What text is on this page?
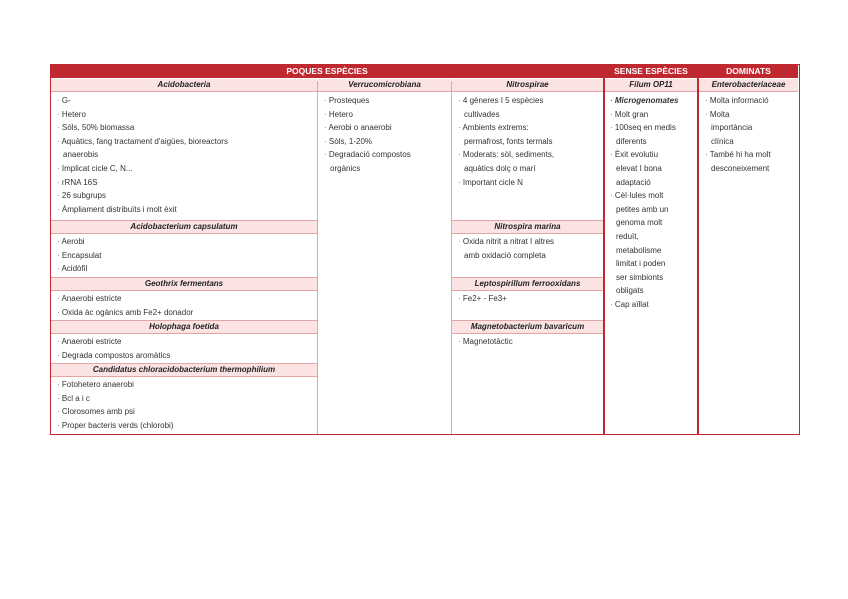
POQUES ESPÈCIES	SENSE ESPÈCIES	DOMINATS
Acidobacteria
· G-
· Hetero
· Sòls, 50% biomassa
· Aquàtics, fang tractament d'aigües, bioreactors
anaerobis
· Implicat cicle C, N...
· rRNA 16S
· 26 subgrups
· Àmpliament distribuïts i molt èxit
Acidobacterium capsulatum
· Aerobi
· Encapsulat
· Acidòfil
Geothrix fermentans
· Anaerobi estricte
· Oxida àc ogànics amb Fe2+ donador
Holophaga foetida
· Anaerobi estricte
· Degrada compostos aromàtics
Candidatus chloracidobacterium thermophilium
· Fotohetero anaerobi
· Bcl a i c
· Clorosomes amb psi
· Proper bacteris verds (chlorobi)
Verrucomicrobiana
· Prosteques
· Hetero
· Aerobi o anaerobi
· Sòls, 1-20%
· Degradació compostos
orgànics
Nitrospirae
· 4 gèneres I 5 espècies
cultivades
· Ambients extrems:
permafrost, fonts termals
· Moderats: sòl, sediments,
aquàtics dolç o marí
· Important cicle N
Nitrospira marina
· Oxida nitrit a nitrat I altres
amb oxidació completa
Leptospirillum ferrooxidans
· Fe2+ - Fe3+
Magnetobacterium bavaricum
· Magnetotàctic
Filum OP11
· Microgenomates
· Molt gran
· 100seq en medis
diferents
· Èxit evolutiu
elevat I bona
adaptació
· Cèl·lules molt
petites amb un
genoma molt
reduït,
metabolisme
limitat i poden
ser simbionts
obligats
· Cap aïllat
Enterobacteriaceae
· Molta informació
· Molta
importància
clínica
· També hi ha molt
desconeixement
